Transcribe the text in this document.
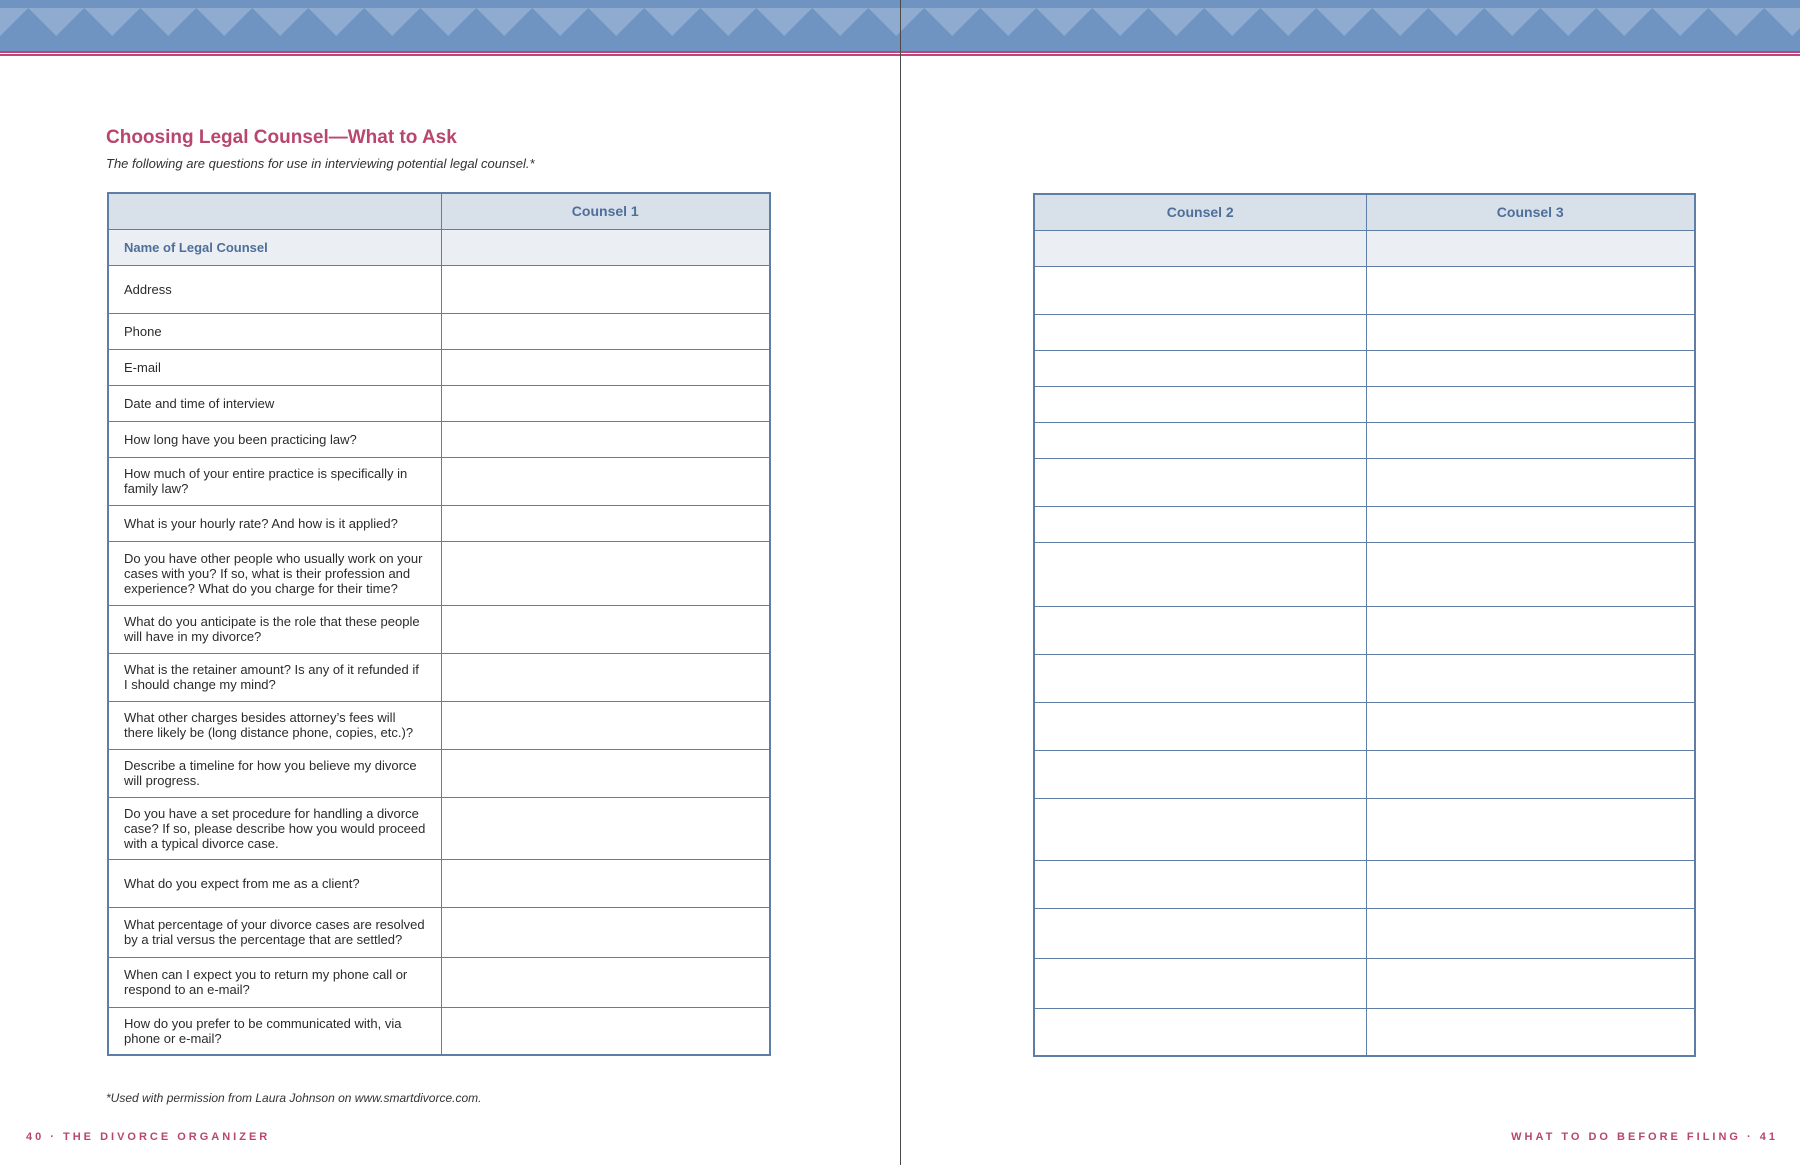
Choosing Legal Counsel—What to Ask

The following are questions for use in interviewing potential legal counsel.*

	Counsel 1
Name of Legal Counsel	
Address	
Phone	
E-mail	
Date and time of interview	
How long have you been practicing law?	
How much of your entire practice is specifically in family law?	
What is your hourly rate? And how is it applied?	
Do you have other people who usually work on your cases with you? If so, what is their profession and experience? What do you charge for their time?	
What do you anticipate is the role that these people will have in my divorce?	
What is the retainer amount? Is any of it refunded if I should change my mind?	
What other charges besides attorney’s fees will there likely be (long distance phone, copies, etc.)?	
Describe a timeline for how you believe my divorce will progress.	
Do you have a set procedure for handling a divorce case? If so, please describe how you would proceed with a typical divorce case.	
What do you expect from me as a client?	
What percentage of your divorce cases are resolved by a trial versus the percentage that are settled?	
When can I expect you to return my phone call or respond to an e-mail?	
How do you prefer to be communicated with, via phone or e-mail?	
Counsel 2	Counsel 3

*Used with permission from Laura Johnson on www.smartdivorce.com.

40 · THE DIVORCE ORGANIZER	WHAT TO DO BEFORE FILING · 41
